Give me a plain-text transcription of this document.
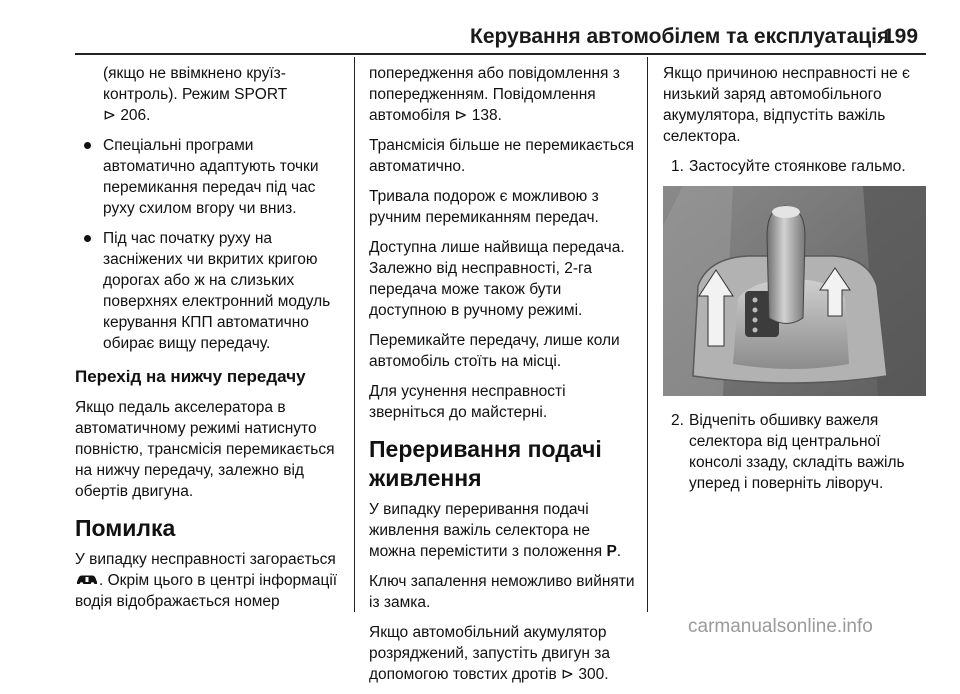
Керування автомобілем та експлуатація
199

(якщо не ввімкнено круїз-
контроль). Режим SPORT
⊳ 206.

Спеціальні програми автоматично адаптують точки перемикання передач під час руху схилом вгору чи вниз.
Під час початку руху на засніжених чи вкритих кригою дорогах або ж на слизьких поверхнях електронний модуль керування КПП автоматично обирає вищу передачу.
Перехід на нижчу передачу

Якщо педаль акселератора в автоматичному режимі натиснуто повністю, трансмісія перемикається на нижчу передачу, залежно від обертів двигуна.

Помилка

У випадку несправності загорається . Окрім цього в центрі інформації водія відображається номер

попередження або повідомлення з попередженням. Повідомлення автомобіля ⊳ 138.

Трансмісія більше не перемикається автоматично.

Тривала подорож є можливою з ручним перемиканням передач.

Доступна лише найвища передача.
Залежно від несправності, 2-га передача може також бути доступною в ручному режимі.

Перемикайте передачу, лише коли автомобіль стоїть на місці.

Для усунення несправності зверніться до майстерні.

Переривання подачі живлення

У випадку переривання подачі живлення важіль селектора не можна перемістити з положення P.

Ключ запалення неможливо вийняти із замка.

Якщо автомобільний акумулятор розряджений, запустіть двигун за допомогою товстих дротів ⊳ 300.

Якщо причиною несправності не є низький заряд автомобільного акумулятора, відпустіть важіль селектора.

1. Застосуйте стоянкове гальмо.
2. Відчепіть обшивку важеля селектора від центральної консолі ззаду, складіть важіль уперед і поверніть ліворуч.
carmanualsonline.info
